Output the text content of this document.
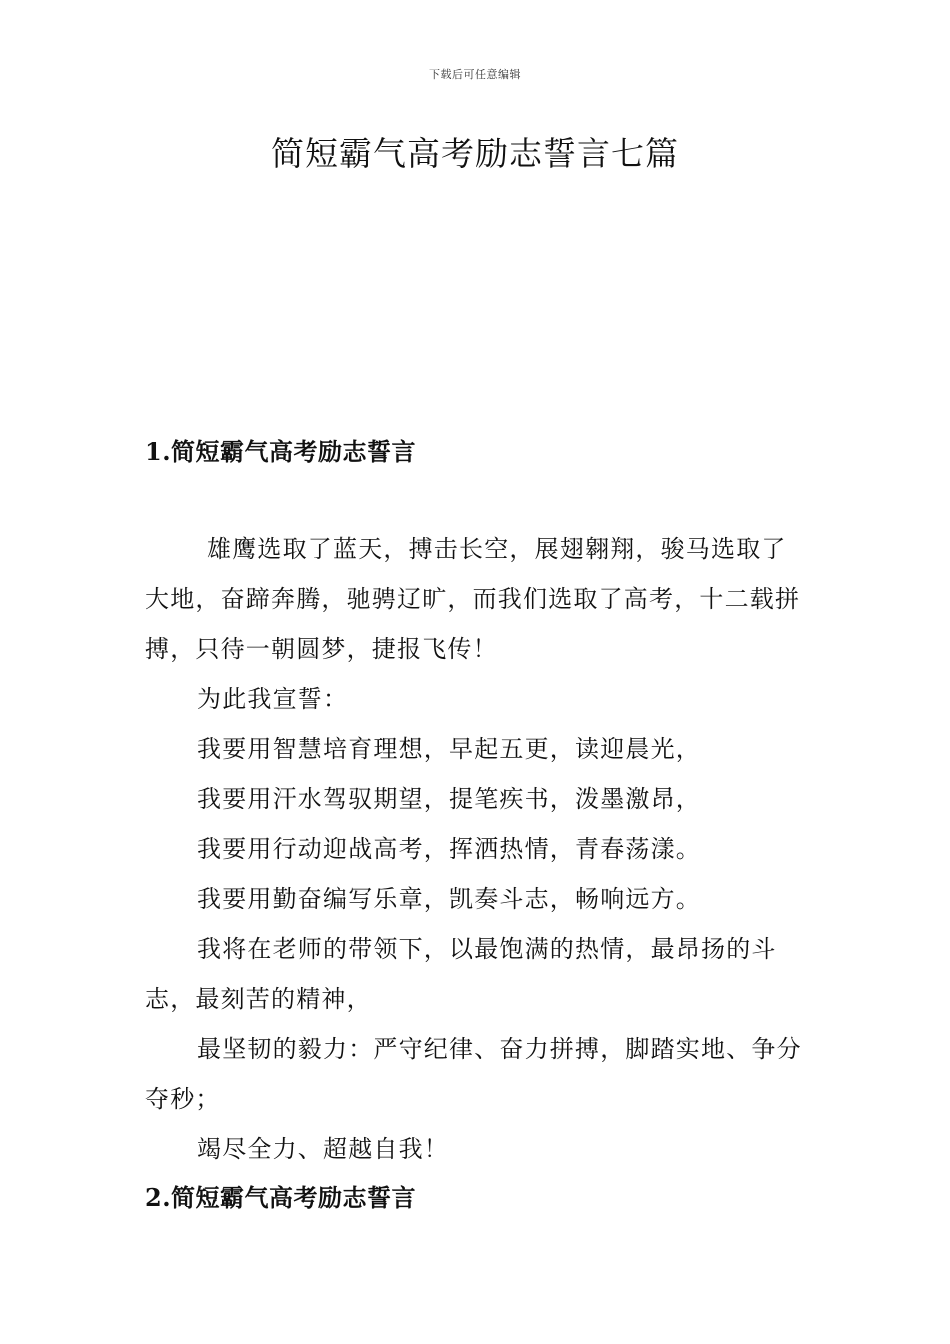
下载后可任意编辑
简短霸气高考励志誓言七篇
1.简短霸气高考励志誓言

雄鹰选取了蓝天，搏击长空，展翅翱翔，骏马选取了大地，奋蹄奔腾，驰骋辽旷，而我们选取了高考，十二载拼搏，只待一朝圆梦，捷报飞传！

为此我宣誓：

我要用智慧培育理想，早起五更，读迎晨光，

我要用汗水驾驭期望，提笔疾书，泼墨激昂，

我要用行动迎战高考，挥洒热情，青春荡漾。

我要用勤奋编写乐章，凯奏斗志，畅响远方。

我将在老师的带领下，以最饱满的热情，最昂扬的斗志，最刻苦的精神，

最坚韧的毅力：严守纪律、奋力拼搏，脚踏实地、争分夺秒；

竭尽全力、超越自我！

2.简短霸气高考励志誓言
